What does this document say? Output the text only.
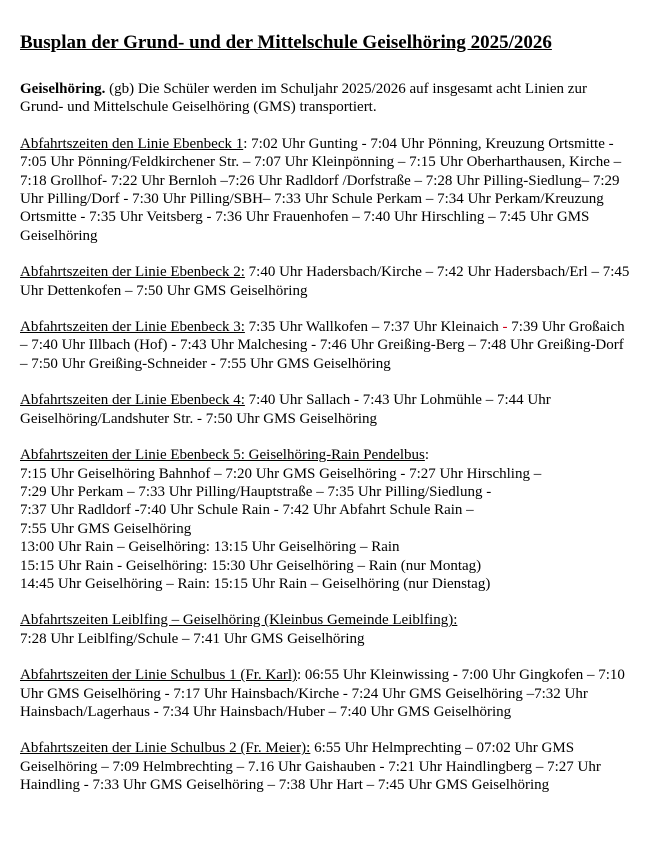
Busplan der Grund- und der Mittelschule Geiselhöring 2025/2026

Geiselhöring. (gb) Die Schüler werden im Schuljahr 2025/2026 auf insgesamt acht Linien zur Grund- und Mittelschule Geiselhöring (GMS) transportiert.

Abfahrtszeiten den Linie Ebenbeck 1: 7:02 Uhr Gunting - 7:04 Uhr Pönning, Kreuzung Ortsmitte - 7:05 Uhr Pönning/Feldkirchener Str. – 7:07 Uhr Kleinpönning – 7:15 Uhr Oberharthausen, Kirche – 7:18 Grollhof- 7:22 Uhr Bernloh –7:26 Uhr Radldorf /Dorfstraße – 7:28 Uhr Pilling-Siedlung– 7:29 Uhr Pilling/Dorf - 7:30 Uhr Pilling/SBH– 7:33 Uhr Schule Perkam – 7:34 Uhr Perkam/Kreuzung Ortsmitte - 7:35 Uhr Veitsberg - 7:36 Uhr Frauenhofen – 7:40 Uhr Hirschling – 7:45 Uhr GMS Geiselhöring

Abfahrtszeiten der Linie Ebenbeck 2: 7:40 Uhr Hadersbach/Kirche – 7:42 Uhr Hadersbach/Erl – 7:45 Uhr Dettenkofen – 7:50 Uhr GMS Geiselhöring

Abfahrtszeiten der Linie Ebenbeck 3: 7:35 Uhr Wallkofen – 7:37 Uhr Kleinaich - 7:39 Uhr Großaich – 7:40 Uhr Illbach (Hof) - 7:43 Uhr Malchesing - 7:46 Uhr Greißing-Berg – 7:48 Uhr Greißing-Dorf – 7:50 Uhr Greißing-Schneider - 7:55 Uhr GMS Geiselhöring

Abfahrtszeiten der Linie Ebenbeck 4: 7:40 Uhr Sallach - 7:43 Uhr Lohmühle – 7:44 Uhr Geiselhöring/Landshuter Str. - 7:50 Uhr GMS Geiselhöring

Abfahrtszeiten der Linie Ebenbeck 5: Geiselhöring-Rain Pendelbus:
7:15 Uhr Geiselhöring Bahnhof – 7:20 Uhr GMS Geiselhöring - 7:27 Uhr Hirschling –
7:29 Uhr Perkam – 7:33 Uhr Pilling/Hauptstraße – 7:35 Uhr Pilling/Siedlung -
7:37 Uhr Radldorf -7:40 Uhr Schule Rain - 7:42 Uhr Abfahrt Schule Rain –
7:55 Uhr GMS Geiselhöring
13:00 Uhr Rain – Geiselhöring: 13:15 Uhr Geiselhöring – Rain
15:15 Uhr Rain - Geiselhöring: 15:30 Uhr Geiselhöring – Rain (nur Montag)
14:45 Uhr Geiselhöring – Rain: 15:15 Uhr Rain – Geiselhöring (nur Dienstag)

Abfahrtszeiten Leiblfing – Geiselhöring (Kleinbus Gemeinde Leiblfing):
7:28 Uhr Leiblfing/Schule – 7:41 Uhr GMS Geiselhöring

Abfahrtszeiten der Linie Schulbus 1 (Fr. Karl): 06:55 Uhr Kleinwissing - 7:00 Uhr Gingkofen – 7:10 Uhr GMS Geiselhöring - 7:17 Uhr Hainsbach/Kirche - 7:24 Uhr GMS Geiselhöring –7:32 Uhr Hainsbach/Lagerhaus - 7:34 Uhr Hainsbach/Huber – 7:40 Uhr GMS Geiselhöring

Abfahrtszeiten der Linie Schulbus 2 (Fr. Meier): 6:55 Uhr Helmprechting – 07:02 Uhr GMS Geiselhöring – 7:09 Helmbrechting – 7.16 Uhr Gaishauben - 7:21 Uhr Haindlingberg – 7:27 Uhr Haindling - 7:33 Uhr GMS Geiselhöring – 7:38 Uhr Hart – 7:45 Uhr GMS Geiselhöring
